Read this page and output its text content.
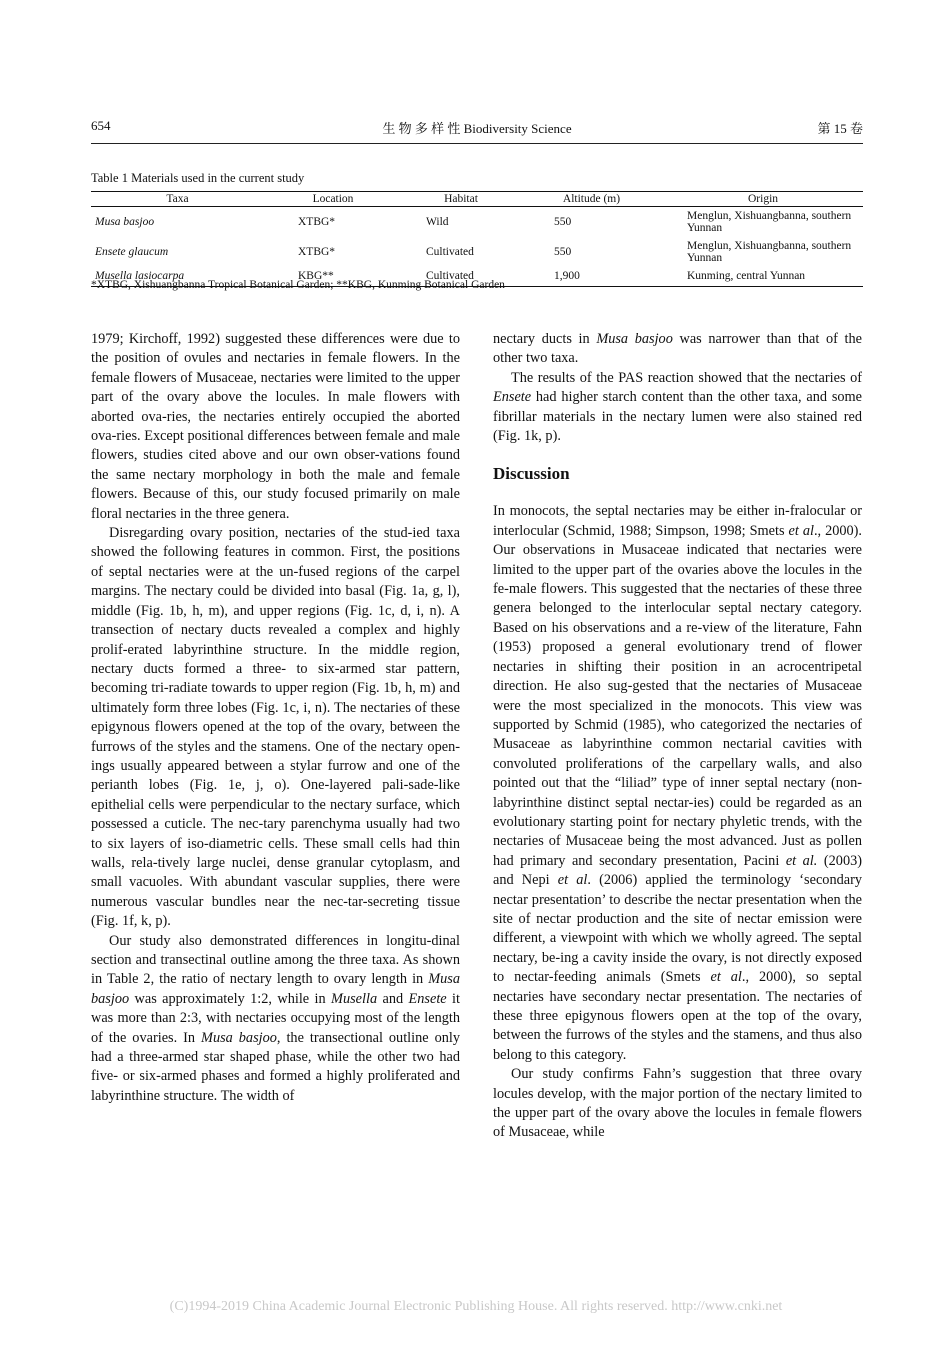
654	生 物 多 样 性 Biodiversity Science	第 15 卷
Table 1 Materials used in the current study
Taxa	Location	Habitat	Altitude (m)	Origin
Musa basjoo	XTBG*	Wild	550	Menglun, Xishuangbanna, southern Yunnan
Ensete glaucum	XTBG*	Cultivated	550	Menglun, Xishuangbanna, southern Yunnan
Musella lasiocarpa	KBG**	Cultivated	1,900	Kunming, central Yunnan
*XTBG, Xishuangbanna Tropical Botanical Garden; **KBG, Kunming Botanical Garden

1979; Kirchoff, 1992) suggested these differences were due to the position of ovules and nectaries in female flowers. In the female flowers of Musaceae, nectaries were limited to the upper part of the ovary above the locules. In male flowers with aborted ova-ries, the nectaries entirely occupied the aborted ova-ries. Except positional differences between female and male flowers, studies cited above and our own obser-vations found the same nectary morphology in both the male and female flowers. Because of this, our study focused primarily on male floral nectaries in the three genera.

Disregarding ovary position, nectaries of the stud-ied taxa showed the following features in common. First, the positions of septal nectaries were at the un-fused regions of the carpel margins. The nectary could be divided into basal (Fig. 1a, g, l), middle (Fig. 1b, h, m), and upper regions (Fig. 1c, d, i, n). A transection of nectary ducts revealed a complex and highly prolif-erated labyrinthine structure. In the middle region, nectary ducts formed a three- to six-armed star pattern, becoming tri-radiate towards to upper region (Fig. 1b, h, m) and ultimately form three lobes (Fig. 1c, i, n). The nectaries of these epigynous flowers opened at the top of the ovary, between the furrows of the styles and the stamens. One of the nectary open-ings usually appeared between a stylar furrow and one of the perianth lobes (Fig. 1e, j, o). One-layered pali-sade-like epithelial cells were perpendicular to the nectary surface, which possessed a cuticle. The nec-tary parenchyma usually had two to six layers of iso-diametric cells. These small cells had thin walls, rela-tively large nuclei, dense granular cytoplasm, and small vacuoles. With abundant vascular supplies, there were numerous vascular bundles near the nec-tar-secreting tissue (Fig. 1f, k, p).

Our study also demonstrated differences in longitu-dinal section and transectinal outline among the three taxa. As shown in Table 2, the ratio of nectary length to ovary length in Musa basjoo was approximately 1:2, while in Musella and Ensete it was more than 2:3, with nectaries occupying most of the length of the ovaries. In Musa basjoo, the transectional outline only had a three-armed star shaped phase, while the other two had five- or six-armed phases and formed a highly proliferated and labyrinthine structure. The width of

nectary ducts in Musa basjoo was narrower than that of the other two taxa.

The results of the PAS reaction showed that the nectaries of Ensete had higher starch content than the other taxa, and some fibrillar materials in the nectary lumen were also stained red (Fig. 1k, p).

Discussion

In monocots, the septal nectaries may be either in-fralocular or interlocular (Schmid, 1988; Simpson, 1998; Smets et al., 2000). Our observations in Musaceae indicated that nectaries were limited to the upper part of the ovaries above the locules in the fe-male flowers. This suggested that the nectaries of these three genera belonged to the interlocular septal nectary category. Based on his observations and a re-view of the literature, Fahn (1953) proposed a general evolutionary trend of flower nectaries in shifting their position in an acrocentripetal direction. He also sug-gested that the nectaries of Musaceae were the most specialized in the monocots. This view was supported by Schmid (1985), who categorized the nectaries of Musaceae as labyrinthine common nectarial cavities with convoluted proliferations of the carpellary walls, and also pointed out that the “liliad” type of inner septal nectary (non-labyrinthine distinct septal nectar-ies) could be regarded as an evolutionary starting point for nectary phyletic trends, with the nectaries of Musaceae being the most advanced. Just as pollen had primary and secondary presentation, Pacini et al. (2003) and Nepi et al. (2006) applied the terminology ‘secondary nectar presentation’ to describe the nectar presentation when the site of nectar production and the site of nectar emission were different, a viewpoint with which we wholly agreed. The septal nectary, be-ing a cavity inside the ovary, is not directly exposed to nectar-feeding animals (Smets et al., 2000), so septal nectaries have secondary nectar presentation. The nectaries of these three epigynous flowers open at the top of the ovary, between the furrows of the styles and the stamens, and thus also belong to this category.

Our study confirms Fahn’s suggestion that three ovary locules develop, with the major portion of the nectary limited to the upper part of the ovary above the locules in female flowers of Musaceae, while

(C)1994-2019 China Academic Journal Electronic Publishing House. All rights reserved. http://www.cnki.net
